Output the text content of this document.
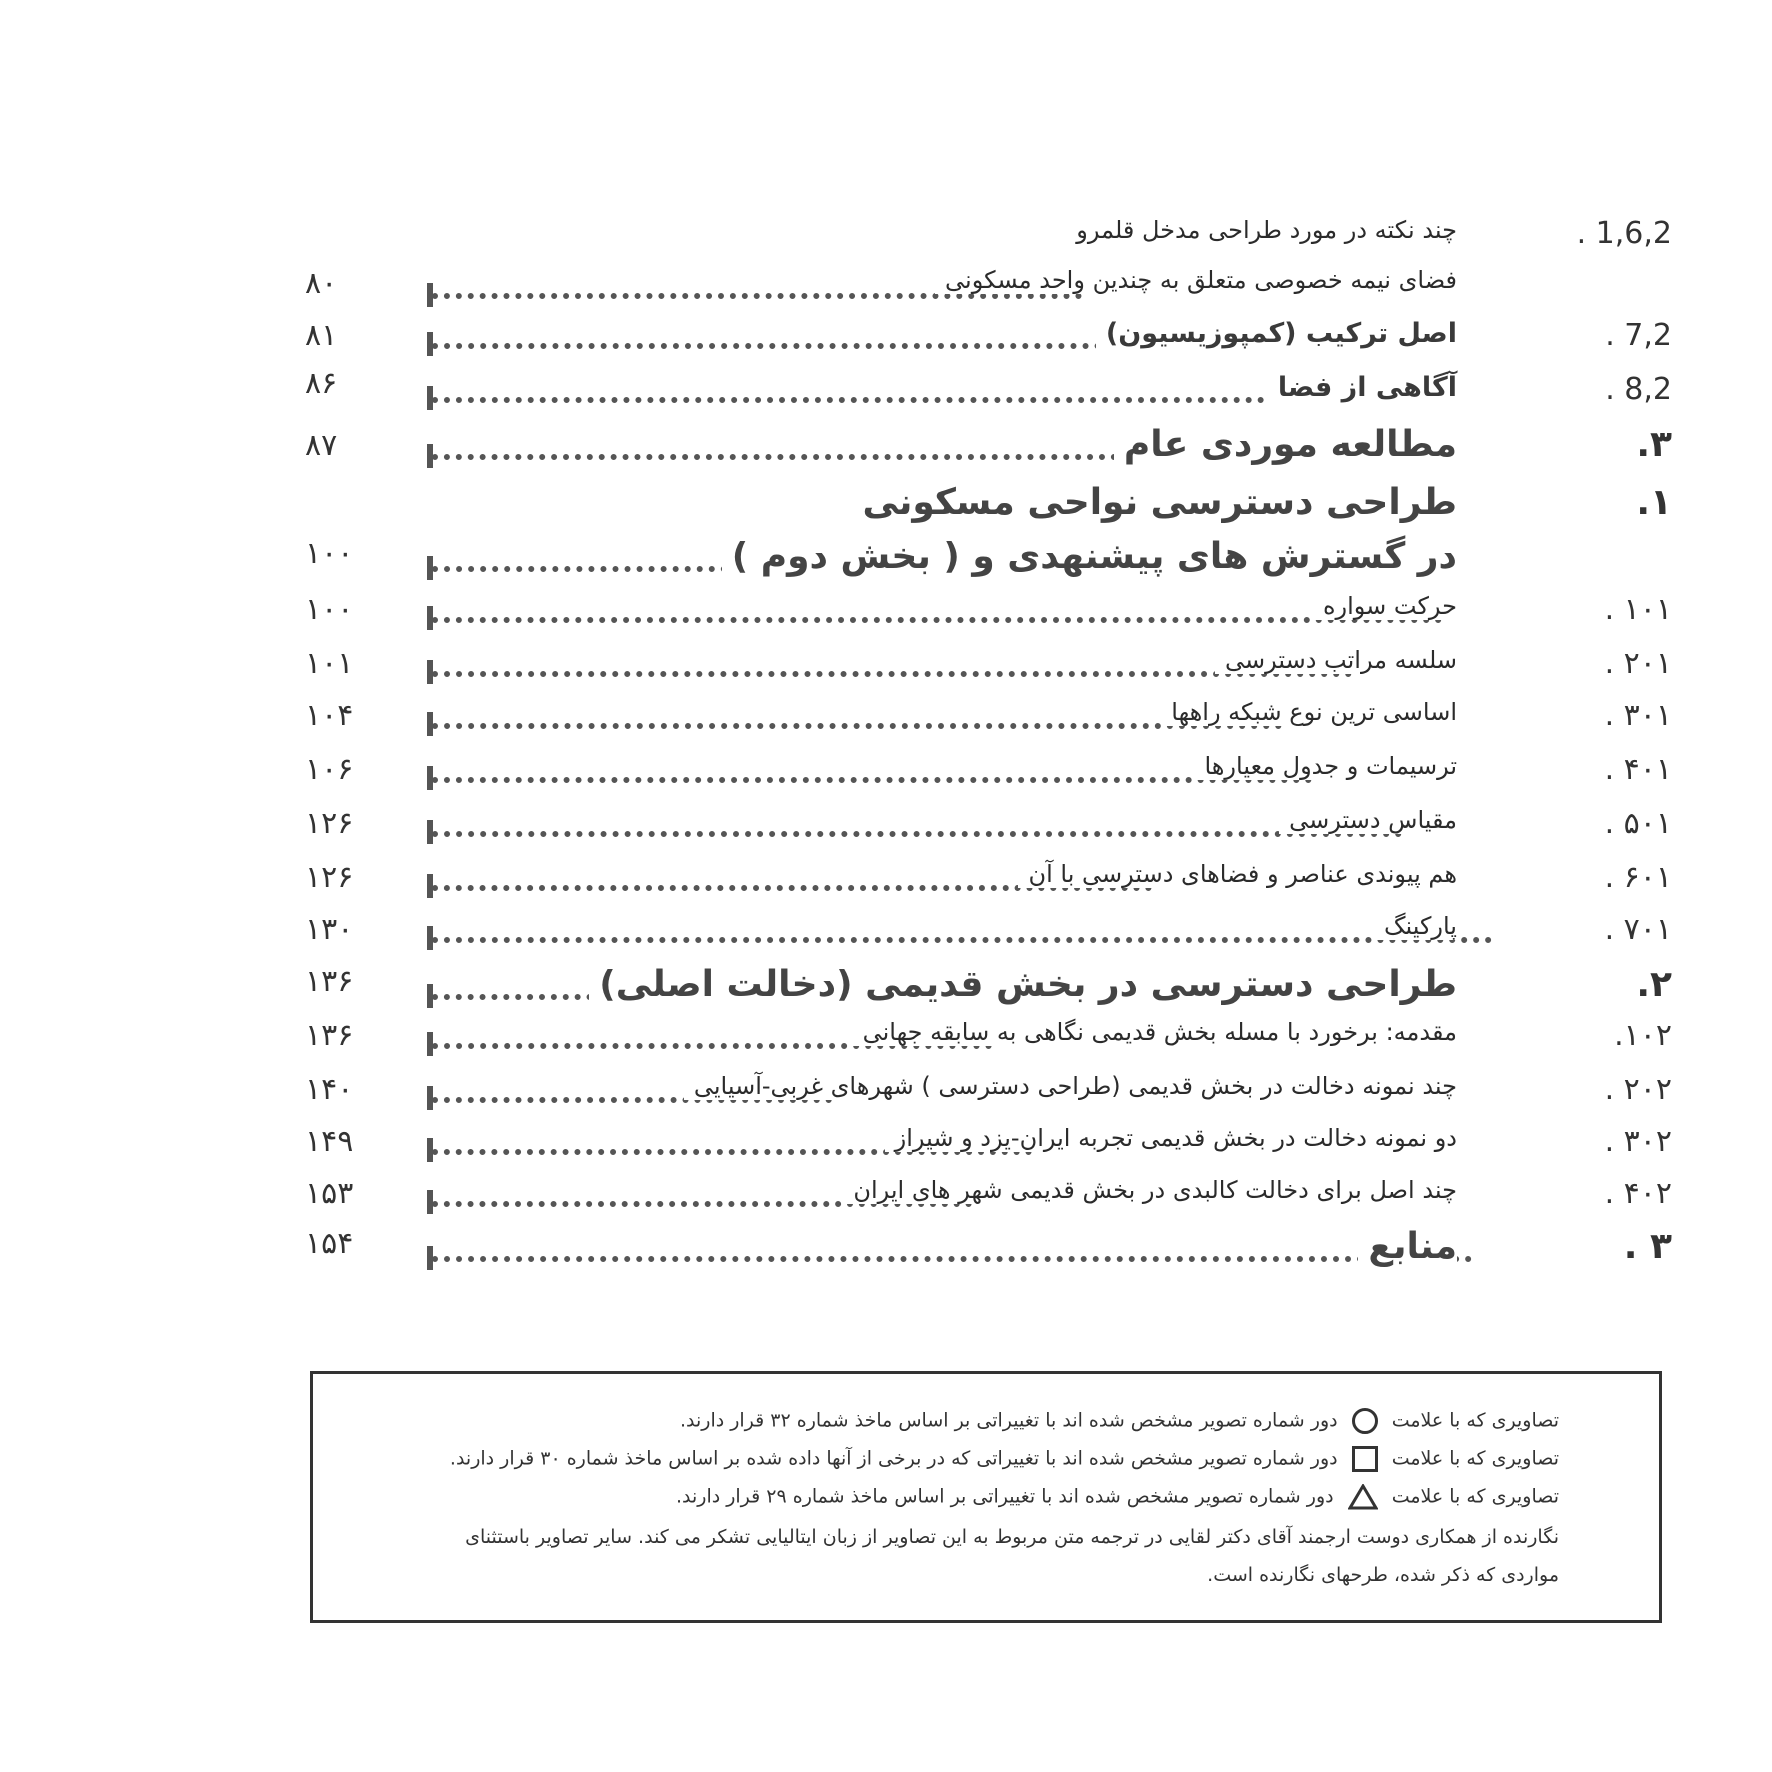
1,6,2 .
چند نکته در مورد طراحی مدخل قلمرو
فضای نیمه خصوصی متعلق به چندین واحد مسکونی
۸۰
7,2 .
اصل ترکیب (کمپوزیسیون)
۸۱
8,2 .
آگاهی از فضا
۸۶
۳.
مطالعه موردی عام
۸۷
۱.
طراحی دسترسی نواحی مسکونی
در گسترش های پیشنهدی و ( بخش دوم )
۱۰۰
۱۰۱ .
حرکت سواره
۱۰۰
۲۰۱ .
سلسه مراتب دسترسی
۱۰۱
۳۰۱ .
اساسی ترین نوع شبکه راهها
۱۰۴
۴۰۱ .
ترسیمات و جدول معیارها
۱۰۶
۵۰۱ .
مقیاس دسترسی
۱۲۶
۶۰۱ .
هم پیوندی عناصر و فضاهای دسترسی با آن
۱۲۶
۷۰۱ .
پارکینگ
۱۳۰
۲.
طراحی دسترسی در بخش قدیمی (دخالت اصلی)
۱۳۶
۱۰۲.
مقدمه: برخورد با مسله بخش قدیمی نگاهی به سابقه جهانی
۱۳۶
۲۰۲ .
چند نمونه دخالت در بخش قدیمی (طراحی دسترسی ) شهرهای غربی-آسیایی
۱۴۰
۳۰۲ .
دو نمونه دخالت در بخش قدیمی تجربه ایران-یزد و شیراز
۱۴۹
۴۰۲ .
چند اصل برای دخالت کالبدی در بخش قدیمی شهر های ایران
۱۵۳
۳ .
منابع
۱۵۴
تصاویری که با علامت  دور شماره تصویر مشخص شده اند با تغییراتی بر اساس ماخذ شماره ۳۲ قرار دارند.
تصاویری که با علامت  دور شماره تصویر مشخص شده اند با تغییراتی که در برخی از آنها داده شده بر اساس ماخذ شماره ۳۰ قرار دارند.
تصاویری که با علامت  دور شماره تصویر مشخص شده اند با تغییراتی بر اساس ماخذ شماره ۲۹ قرار دارند.
نگارنده از همکاری دوست ارجمند آقای دکتر لقایی در ترجمه متن مربوط به این تصاویر از زبان ایتالیایی تشکر می کند. سایر تصاویر باستثنای
مواردی که ذکر شده، طرحهای نگارنده است.
